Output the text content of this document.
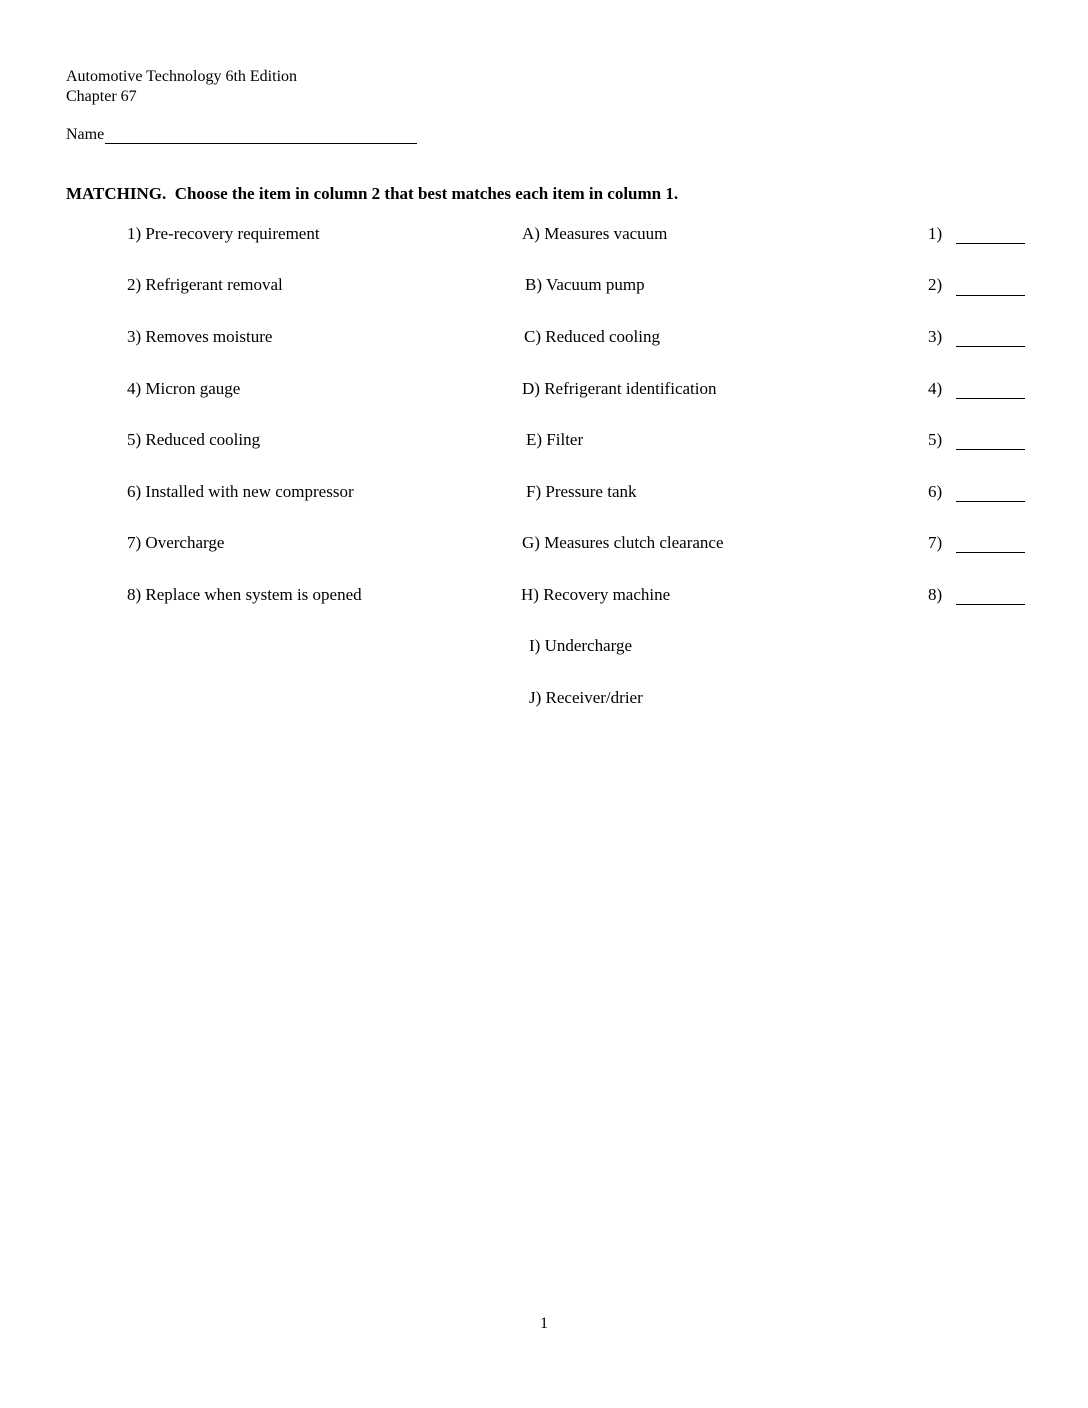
Automotive Technology 6th Edition
Chapter 67
Name
MATCHING.  Choose the item in column 2 that best matches each item in column 1.
1) Pre-recovery requirement
2) Refrigerant removal
3) Removes moisture
4) Micron gauge
5) Reduced cooling
6) Installed with new compressor
7) Overcharge
8) Replace when system is opened
A) Measures vacuum
B) Vacuum pump
C) Reduced cooling
D) Refrigerant identification
E) Filter
F) Pressure tank
G) Measures clutch clearance
H) Recovery machine
I) Undercharge
J) Receiver/drier
1)
2)
3)
4)
5)
6)
7)
8)
1
